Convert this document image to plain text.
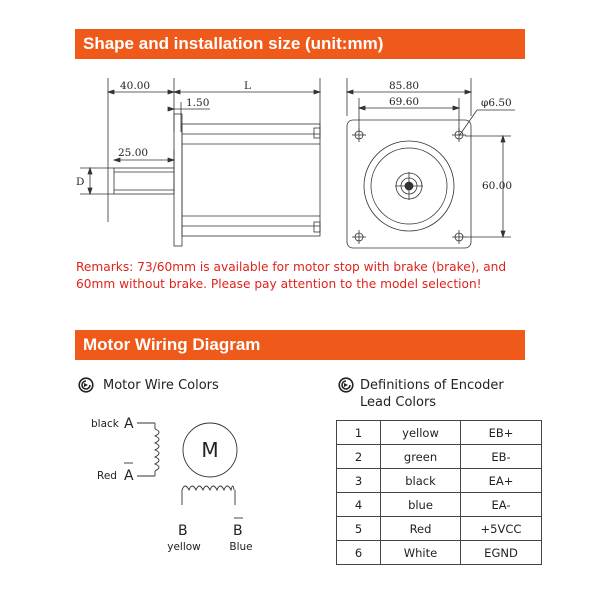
Shape and installation size (unit:mm)
40.00	L
1.50
25.00
D
85.80
69.60	φ6.50
60.00
Remarks: 73/60mm is available for motor stop with brake (brake), and 60mm without brake. Please pay attention to the model selection!
Motor Wiring Diagram
Motor Wire Colors
black A
Red A
M
B	B
yellow	Blue
Definitions of Encoder
Lead Colors
1	yellow	EB+
2	green	EB-
3	black	EA+
4	blue	EA-
5	Red	+5VCC
6	White	EGND
